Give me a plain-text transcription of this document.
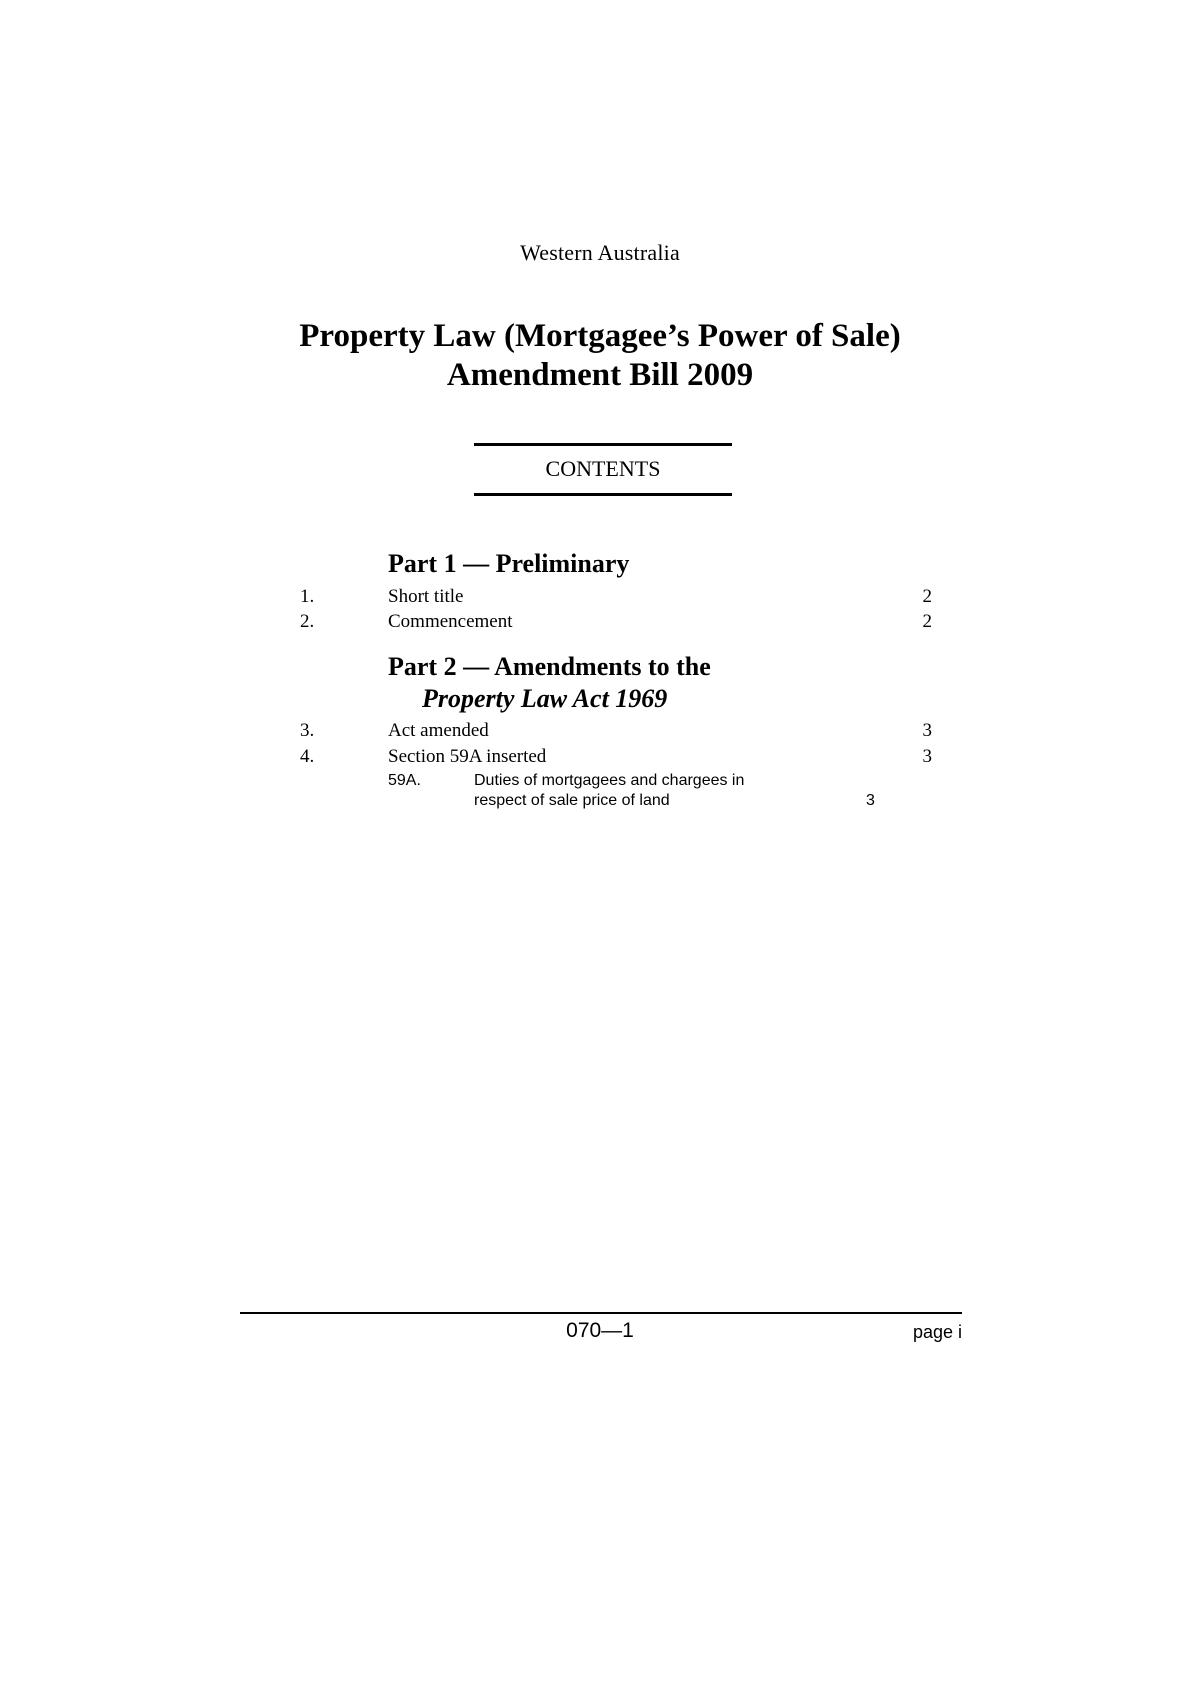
Western Australia
Property Law (Mortgagee’s Power of Sale)
Amendment Bill 2009
CONTENTS
Part 1 — Preliminary
1.	Short title	2
2.	Commencement	2
Part 2 — Amendments to the
Property Law Act 1969
3.	Act amended	3
4.	Section 59A inserted	3
59A.	Duties of mortgagees and chargees in respect of sale price of land	3
070—1	page i
